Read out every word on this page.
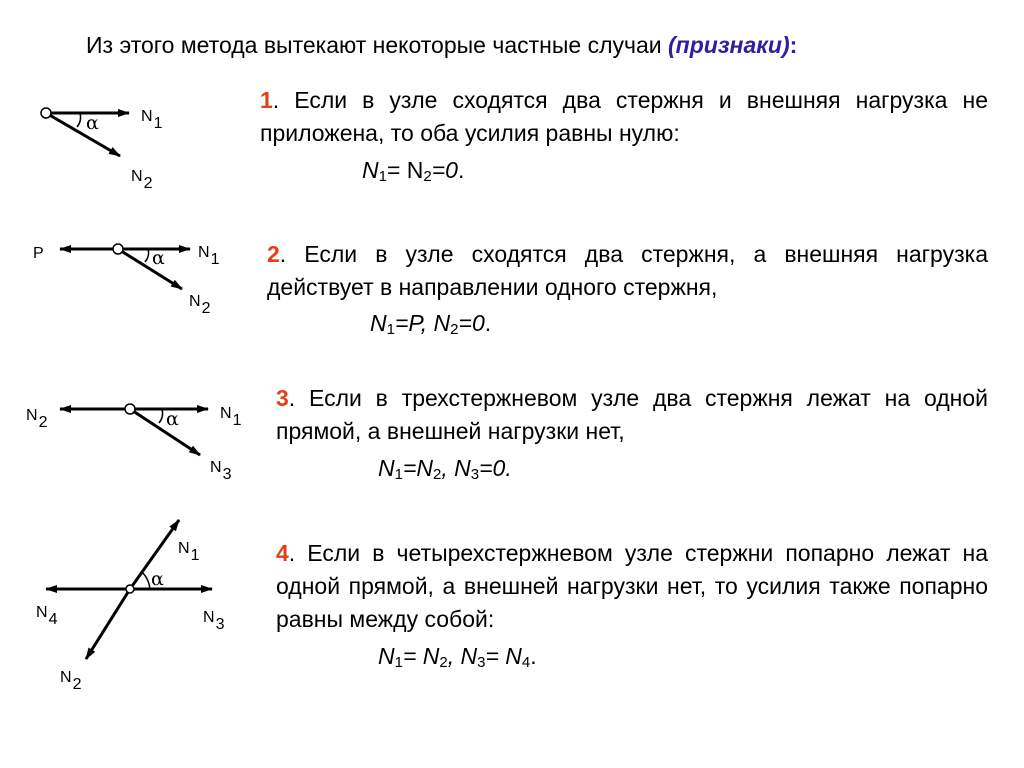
Из этого метода вытекают некоторые частные случаи (признаки):
α	N1
N2
α
P	N1
N2
α
N2
N1
N3
α
N1
N4	N3
N2
1. Если в узле сходятся два стержня и внешняя нагрузка не приложена, то оба усилия равны нулю:
$N_1= N_2=0$.
2. Если в узле сходятся два стержня, а внешняя нагрузка действует в направлении одного стержня,
$N_1=P$, $N_2=0$.
3. Если в трехстержневом узле два стержня лежат на одной прямой, а внешней нагрузки нет,
$N_1=N_2$, $N_3=0$.
4. Если в четырехстержневом узле стержни попарно лежат на одной прямой, а внешней нагрузки нет, то усилия также попарно равны между собой:
$N_1= N_2$, $N_3= N_4$.
